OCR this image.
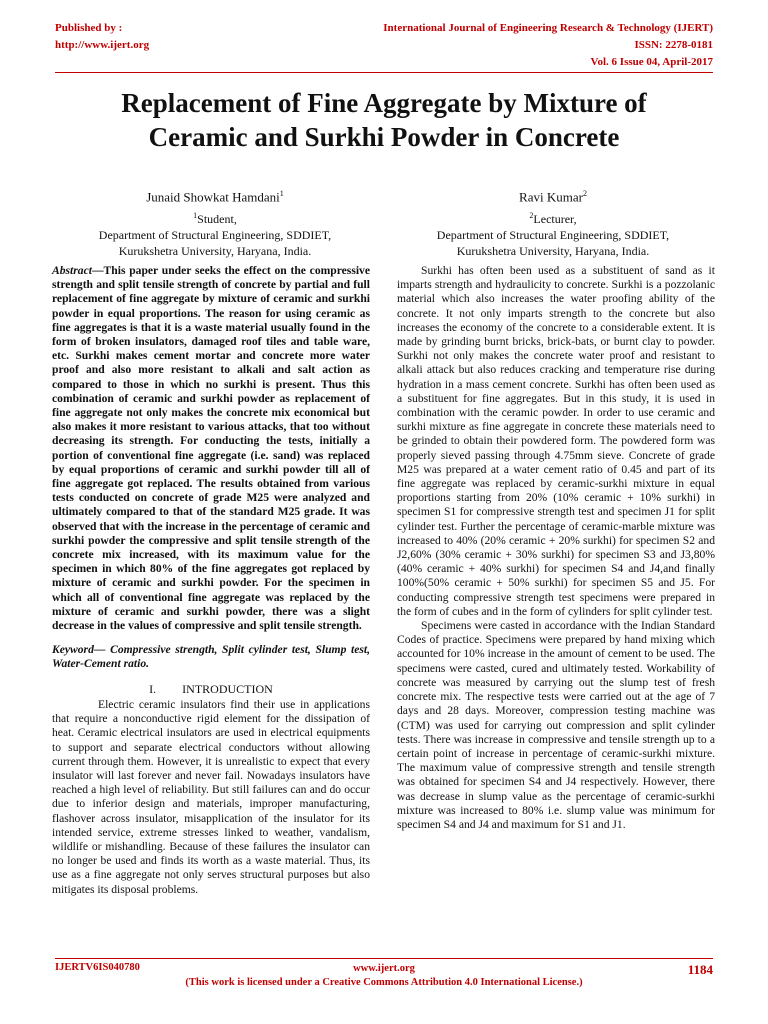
Published by :
http://www.ijert.org
International Journal of Engineering Research & Technology (IJERT)
ISSN: 2278-0181
Vol. 6 Issue 04, April-2017
Replacement of Fine Aggregate by Mixture of
Ceramic and Surkhi Powder in Concrete
Junaid Showkat Hamdani$^1$
$^1$Student,
Department of Structural Engineering, SDDIET,
Kurukshetra University, Haryana, India.
Ravi Kumar$^2$
$^2$Lecturer,
Department of Structural Engineering, SDDIET,
Kurukshetra University, Haryana, India.

Abstract—This paper under seeks the effect on the compressive strength and split tensile strength of concrete by partial and full replacement of fine aggregate by mixture of ceramic and surkhi powder in equal proportions. The reason for using ceramic as fine aggregates is that it is a waste material usually found in the form of broken insulators, damaged roof tiles and table ware, etc. Surkhi makes cement mortar and concrete more water proof and also more resistant to alkali and salt action as compared to those in which no surkhi is present. Thus this combination of ceramic and surkhi powder as replacement of fine aggregate not only makes the concrete mix economical but also makes it more resistant to various attacks, that too without decreasing its strength. For conducting the tests, initially a portion of conventional fine aggregate (i.e. sand) was replaced by equal proportions of ceramic and surkhi powder till all of fine aggregate got replaced. The results obtained from various tests conducted on concrete of grade M25 were analyzed and ultimately compared to that of the standard M25 grade. It was observed that with the increase in the percentage of ceramic and surkhi powder the compressive and split tensile strength of the concrete mix increased, with its maximum value for the specimen in which 80% of the fine aggregates got replaced by mixture of ceramic and surkhi powder. For the specimen in which all of conventional fine aggregate was replaced by the mixture of ceramic and surkhi powder, there was a slight decrease in the values of compressive and split tensile strength.

Keyword— Compressive strength, Split cylinder test, Slump test, Water-Cement ratio.

I. INTRODUCTION

Electric ceramic insulators find their use in applications that require a nonconductive rigid element for the dissipation of heat. Ceramic electrical insulators are used in electrical equipments to support and separate electrical conductors without allowing current through them. However, it is unrealistic to expect that every insulator will last forever and never fail. Nowadays insulators have reached a high level of reliability. But still failures can and do occur due to inferior design and materials, improper manufacturing, flashover across insulator, misapplication of the insulator for its intended service, extreme stresses linked to weather, vandalism, wildlife or mishandling. Because of these failures the insulator can no longer be used and finds its worth as a waste material. Thus, its use as a fine aggregate not only serves structural purposes but also mitigates its disposal problems.

Surkhi has often been used as a substituent of sand as it imparts strength and hydraulicity to concrete. Surkhi is a pozzolanic material which also increases the water proofing ability of the concrete. It not only imparts strength to the concrete but also increases the economy of the concrete to a considerable extent. It is made by grinding burnt bricks, brick-bats, or burnt clay to powder. Surkhi not only makes the concrete water proof and resistant to alkali attack but also reduces cracking and temperature rise during hydration in a mass cement concrete. Surkhi has often been used as a substituent for fine aggregates. But in this study, it is used in combination with the ceramic powder. In order to use ceramic and surkhi mixture as fine aggregate in concrete these materials need to be grinded to obtain their powdered form. The powdered form was properly sieved passing through 4.75mm sieve. Concrete of grade M25 was prepared at a water cement ratio of 0.45 and part of its fine aggregate was replaced by ceramic-surkhi mixture in equal proportions starting from 20% (10% ceramic + 10% surkhi) in specimen S1 for compressive strength test and specimen J1 for split cylinder test. Further the percentage of ceramic-marble mixture was increased to 40% (20% ceramic + 20% surkhi) for specimen S2 and J2,60% (30% ceramic + 30% surkhi) for specimen S3 and J3,80%(40% ceramic + 40% surkhi) for specimen S4 and J4,and finally 100%(50% ceramic + 50% surkhi) for specimen S5 and J5. For conducting compressive strength test specimens were prepared in the form of cubes and in the form of cylinders for split cylinder test.

Specimens were casted in accordance with the Indian Standard Codes of practice. Specimens were prepared by hand mixing which accounted for 10% increase in the amount of cement to be used. The specimens were casted, cured and ultimately tested. Workability of concrete was measured by carrying out the slump test of fresh concrete mix. The respective tests were carried out at the age of 7 days and 28 days. Moreover, compression testing machine was (CTM) was used for carrying out compression and split cylinder tests. There was increase in compressive and tensile strength up to a certain point of increase in percentage of ceramic-surkhi mixture. The maximum value of compressive strength and tensile strength was obtained for specimen S4 and J4 respectively. However, there was decrease in slump value as the percentage of ceramic-surkhi mixture was increased to 80% i.e. slump value was minimum for specimen S4 and J4 and maximum for S1 and J1.

IJERTV6IS040780	www.ijert.org
(This work is licensed under a Creative Commons Attribution 4.0 International License.)
1184
